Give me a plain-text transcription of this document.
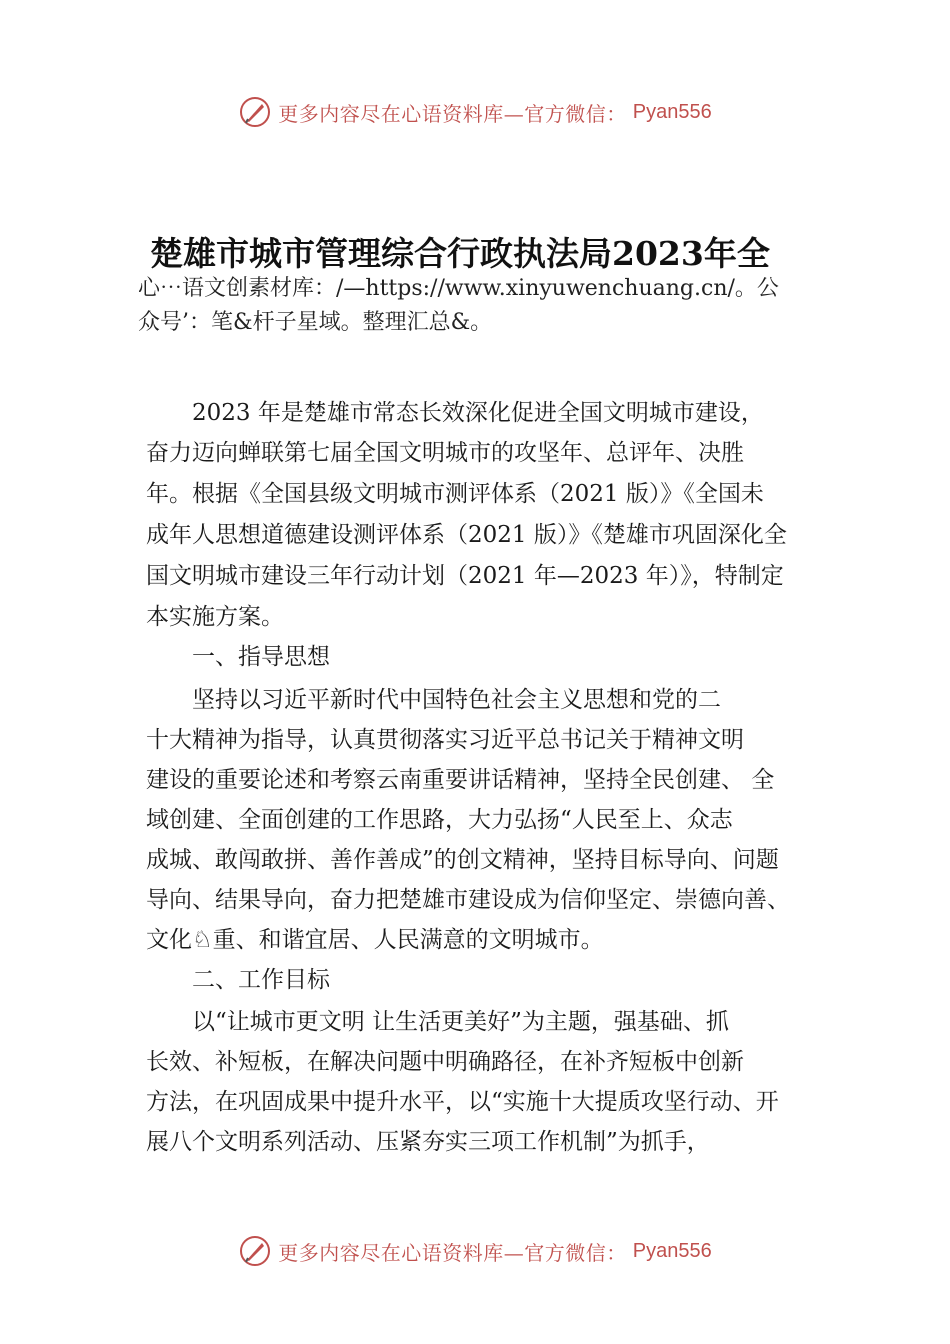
更多内容尽在心语资料库—官方微信： Pyan556
楚雄市城市管理综合行政执法局2023年全
心⋯语文创素材库：/—https://www.xinyuwenchuang.cn/。公
众号’：笔&杆子星域。整理汇总&。
　　2023 年是楚雄市常态长效深化促进全国文明城市建设，
奋力迈向蝉联第七届全国文明城市的攻坚年、总评年、决胜
年。根据《全国县级文明城市测评体系（2021 版）》《全国未
成年人思想道德建设测评体系（2021 版）》《楚雄市巩固深化全
国文明城市建设三年行动计划（2021 年—2023 年）》，特制定
本实施方案。
　　一、指导思想
　　坚持以习近平新时代中国特色社会主义思想和党的二
十大精神为指导，认真贯彻落实习近平总书记关于精神文明
建设的重要论述和考察云南重要讲话精神，坚持全民创建、 全
域创建、全面创建的工作思路，大力弘扬“人民至上、众志
成城、敢闯敢拼、善作善成”的创文精神，坚持目标导向、问题
导向、结果导向，奋力把楚雄市建设成为信仰坚定、崇德向善、
文化♘重、和谐宜居、人民满意的文明城市。
　　二、工作目标
　　以“让城市更文明 让生活更美好”为主题，强基础、抓
长效、补短板，在解决问题中明确路径，在补齐短板中创新
方法，在巩固成果中提升水平，以“实施十大提质攻坚行动、开
展八个文明系列活动、压紧夯实三项工作机制”为抓手，
更多内容尽在心语资料库—官方微信： Pyan556
